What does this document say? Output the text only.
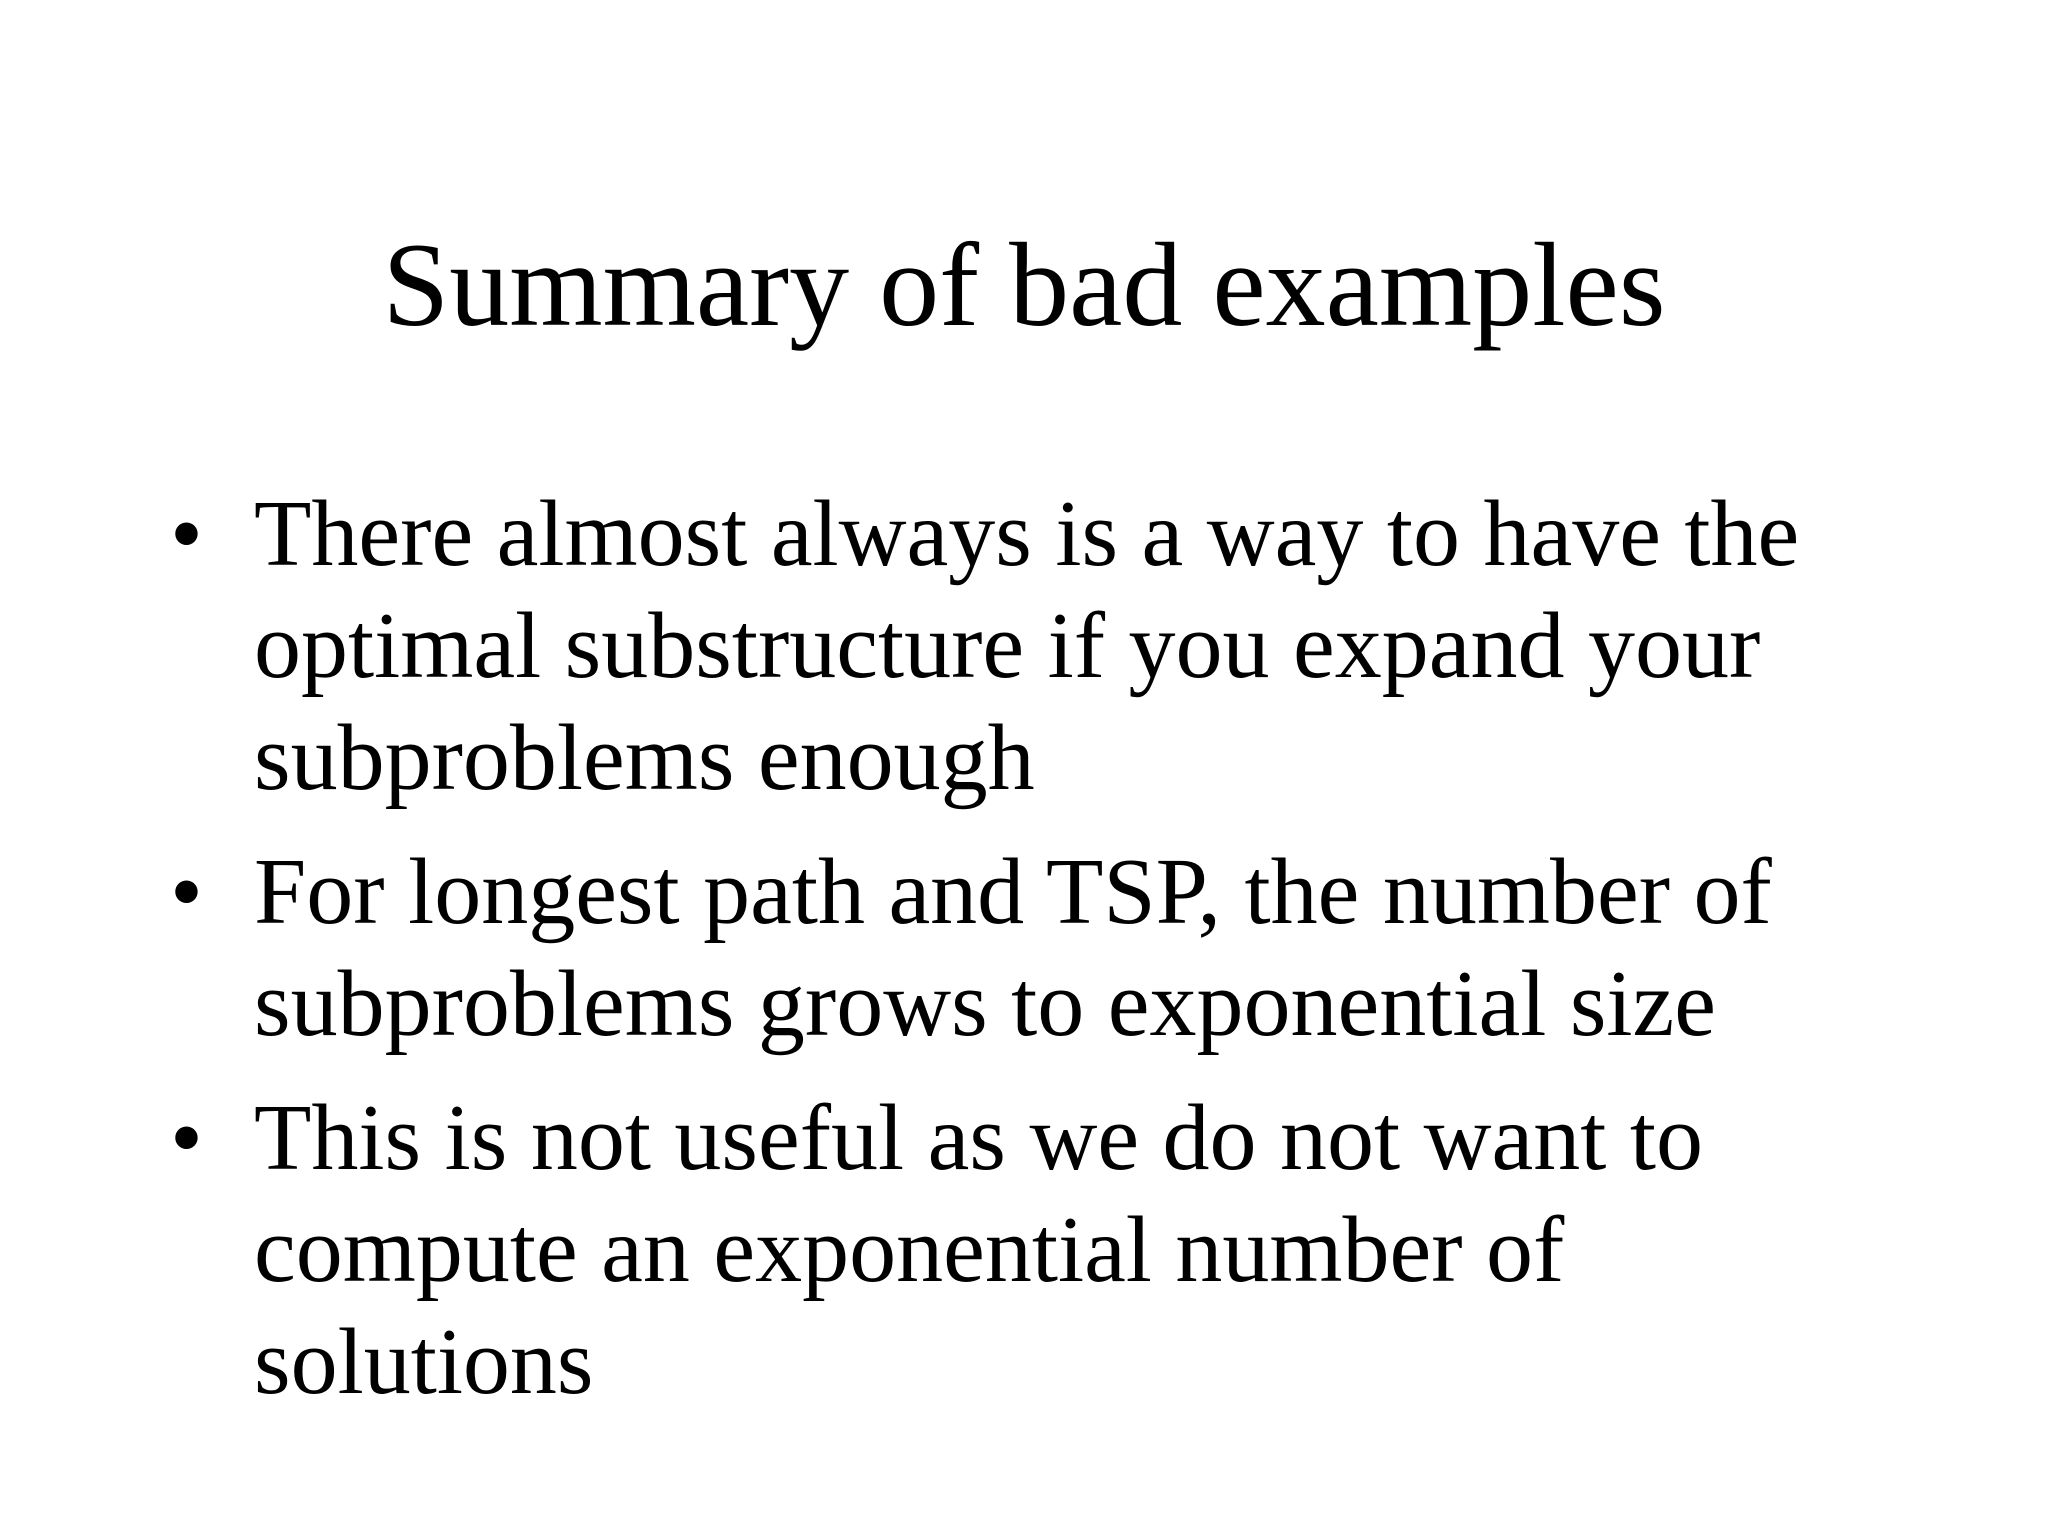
Summary of bad examples
• There almost always is a way to have the optimal substructure if you expand your subproblems enough
• For longest path and TSP, the number of subproblems grows to exponential size
• This is not useful as we do not want to compute an exponential number of solutions
